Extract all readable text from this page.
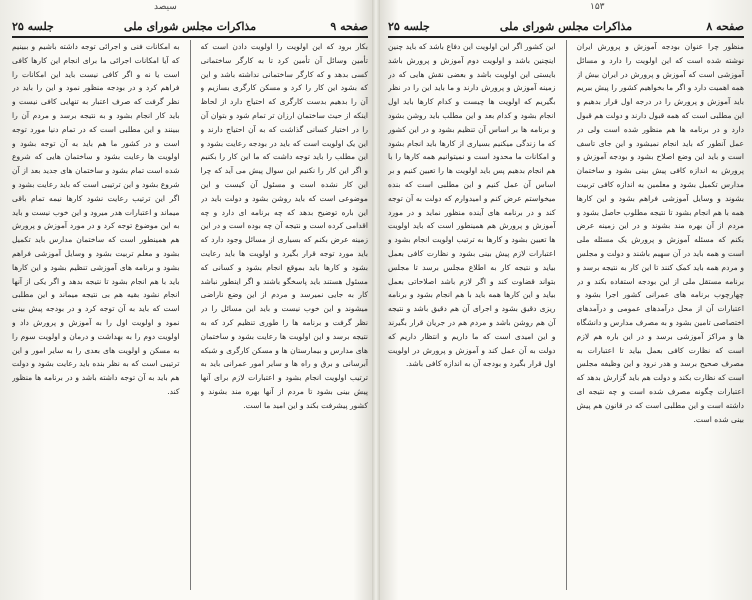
سیصد
صفحه ۹
مذاکرات مجلس شورای ملی
جلسه ۲۵

بکار برود که این اولویت را اولویت دادن است که تأمین وسائل آن تأمین کرد تا به کارگر ساختمانی کسی بدهد و که کارگر ساختمانی نداشته باشد و این که بشود این کار را کرد و مسکن کارگری بسازیم و آن را بدهیم بدست کارگری که احتیاج دارد از لحاظ اینکه از حیث ساختمان ارزان تر تمام شود و بتوان آن را در اختیار کسانی گذاشت که به آن احتیاج دارند و این یک اولویت است که باید در بودجه رعایت بشود و این مطلب را باید توجه داشت که ما این کار را بکنیم و اگر این کار را نکنیم این سوال پیش می آید که چرا این کار نشده است و مسئول آن کیست و این موضوعی است که باید روشن بشود و دولت باید در این باره توضیح بدهد که چه برنامه ای دارد و چه اقدامی کرده است و نتیجه آن چه بوده است و در این زمینه عرض بکنم که بسیاری از مسائل وجود دارد که باید مورد توجه قرار بگیرد و اولویت ها باید رعایت بشود و کارها باید بموقع انجام بشود و کسانی که مسئول هستند باید پاسخگو باشند و اگر اینطور نباشد کار به جایی نمیرسد و مردم از این وضع ناراضی میشوند و این خوب نیست و باید این مسائل را در نظر گرفت و برنامه ها را طوری تنظیم کرد که به نتیجه برسد و این اولویت ها رعایت بشود و ساختمان های مدارس و بیمارستان ها و مسکن کارگری و شبکه آبرسانی و برق و راه ها و سایر امور عمرانی باید به ترتیب اولویت انجام بشود و اعتبارات لازم برای آنها پیش بینی بشود تا مردم از آنها بهره مند بشوند و کشور پیشرفت بکند و این امید ما است.

به امکانات فنی و اجرائی توجه داشته باشیم و ببینیم که آیا امکانات اجرائی ما برای انجام این کارها کافی است یا نه و اگر کافی نیست باید این امکانات را فراهم کرد و در بودجه منظور نمود و این را باید در نظر گرفت که صرف اعتبار به تنهایی کافی نیست و باید کار انجام بشود و به نتیجه برسد و مردم آن را ببینند و این مطلبی است که در تمام دنیا مورد توجه است و در کشور ما هم باید به آن توجه بشود و اولویت ها رعایت بشود و ساختمان هایی که شروع شده است تمام بشود و ساختمان های جدید بعد از آن شروع بشود و این ترتیبی است که باید رعایت بشود و اگر این ترتیب رعایت نشود کارها نیمه تمام باقی میماند و اعتبارات هدر میرود و این خوب نیست و باید به این موضوع توجه کرد و در مورد آموزش و پرورش هم همینطور است که ساختمان مدارس باید تکمیل بشود و معلم تربیت بشود و وسایل آموزشی فراهم بشود و برنامه های آموزشی تنظیم بشود و این کارها باید با هم انجام بشود تا نتیجه بدهد و اگر یکی از آنها انجام نشود بقیه هم بی نتیجه میماند و این مطلبی است که باید به آن توجه کرد و در بودجه پیش بینی نمود و اولویت اول را به آموزش و پرورش داد و اولویت دوم را به بهداشت و درمان و اولویت سوم را به مسکن و اولویت های بعدی را به سایر امور و این ترتیبی است که به نظر بنده باید رعایت بشود و دولت هم باید به آن توجه داشته باشد و در برنامه ها منظور کند.

۱۵۳
صفحه ۸
مذاکرات مجلس شورای ملی
جلسه ۲۵

منظور چرا عنوان بودجه آموزش و پرورش ایران نوشته شده است که این اولویت را دارد و مسائل آموزشی است که آموزش و پرورش در ایران بیش از همه اهمیت دارد و اگر ما بخواهیم کشور را پیش ببریم باید آموزش و پرورش را در درجه اول قرار بدهیم و این مطلبی است که همه قبول دارند و دولت هم قبول دارد و در برنامه ها هم منظور شده است ولی در عمل آنطور که باید انجام نمیشود و این جای تاسف است و باید این وضع اصلاح بشود و بودجه آموزش و پرورش به اندازه کافی پیش بینی بشود و ساختمان مدارس تکمیل بشود و معلمین به اندازه کافی تربیت بشوند و وسایل آموزشی فراهم بشود و این کارها همه با هم انجام بشود تا نتیجه مطلوب حاصل بشود و مردم از آن بهره مند بشوند و در این زمینه عرض بکنم که مسئله آموزش و پرورش یک مسئله ملی است و همه باید در آن سهیم باشند و دولت و مجلس و مردم همه باید کمک کنند تا این کار به نتیجه برسد و برنامه مستقل ملی از این بودجه استفاده بکند و در چهارچوب برنامه های عمرانی کشور اجرا بشود و اعتبارات آن از محل درآمدهای عمومی و درآمدهای اختصاصی تامین بشود و به مصرف مدارس و دانشگاه ها و مراکز آموزشی برسد و در این باره هم لازم است که نظارت کافی بعمل بیاید تا اعتبارات به مصرف صحیح برسد و هدر نرود و این وظیفه مجلس است که نظارت بکند و دولت هم باید گزارش بدهد که اعتبارات چگونه مصرف شده است و چه نتیجه ای داشته است و این مطلبی است که در قانون هم پیش بینی شده است.

این کشور اگر این اولویت این دفاع باشد که باید چنین اینچنین باشد و اولویت دوم آموزش و پرورش باشد بایستی این اولویت باشد و بعضی نقش هایی که در زمینه آموزش و پرورش دارند و ما باید این را در نظر بگیریم که اولویت ها چیست و کدام کارها باید اول انجام بشود و کدام بعد و این مطلب باید روشن بشود و برنامه ها بر اساس آن تنظیم بشود و در این کشور که ما زندگی میکنیم بسیاری از کارها باید انجام بشود و امکانات ما محدود است و نمیتوانیم همه کارها را با هم انجام بدهیم پس باید اولویت ها را تعیین کنیم و بر اساس آن عمل کنیم و این مطلبی است که بنده میخواستم عرض کنم و امیدوارم که دولت به آن توجه کند و در برنامه های آینده منظور نماید و در مورد آموزش و پرورش هم همینطور است که باید اولویت ها تعیین بشود و کارها به ترتیب اولویت انجام بشود و اعتبارات لازم پیش بینی بشود و نظارت کافی بعمل بیاید و نتیجه کار به اطلاع مجلس برسد تا مجلس بتواند قضاوت کند و اگر لازم باشد اصلاحاتی بعمل بیاید و این کارها همه باید با هم انجام بشود و برنامه ریزی دقیق بشود و اجرای آن هم دقیق باشد و نتیجه آن هم روشن باشد و مردم هم در جریان قرار بگیرند و این امیدی است که ما داریم و انتظار داریم که دولت به آن عمل کند و آموزش و پرورش در اولویت اول قرار بگیرد و بودجه آن به اندازه کافی باشد.
